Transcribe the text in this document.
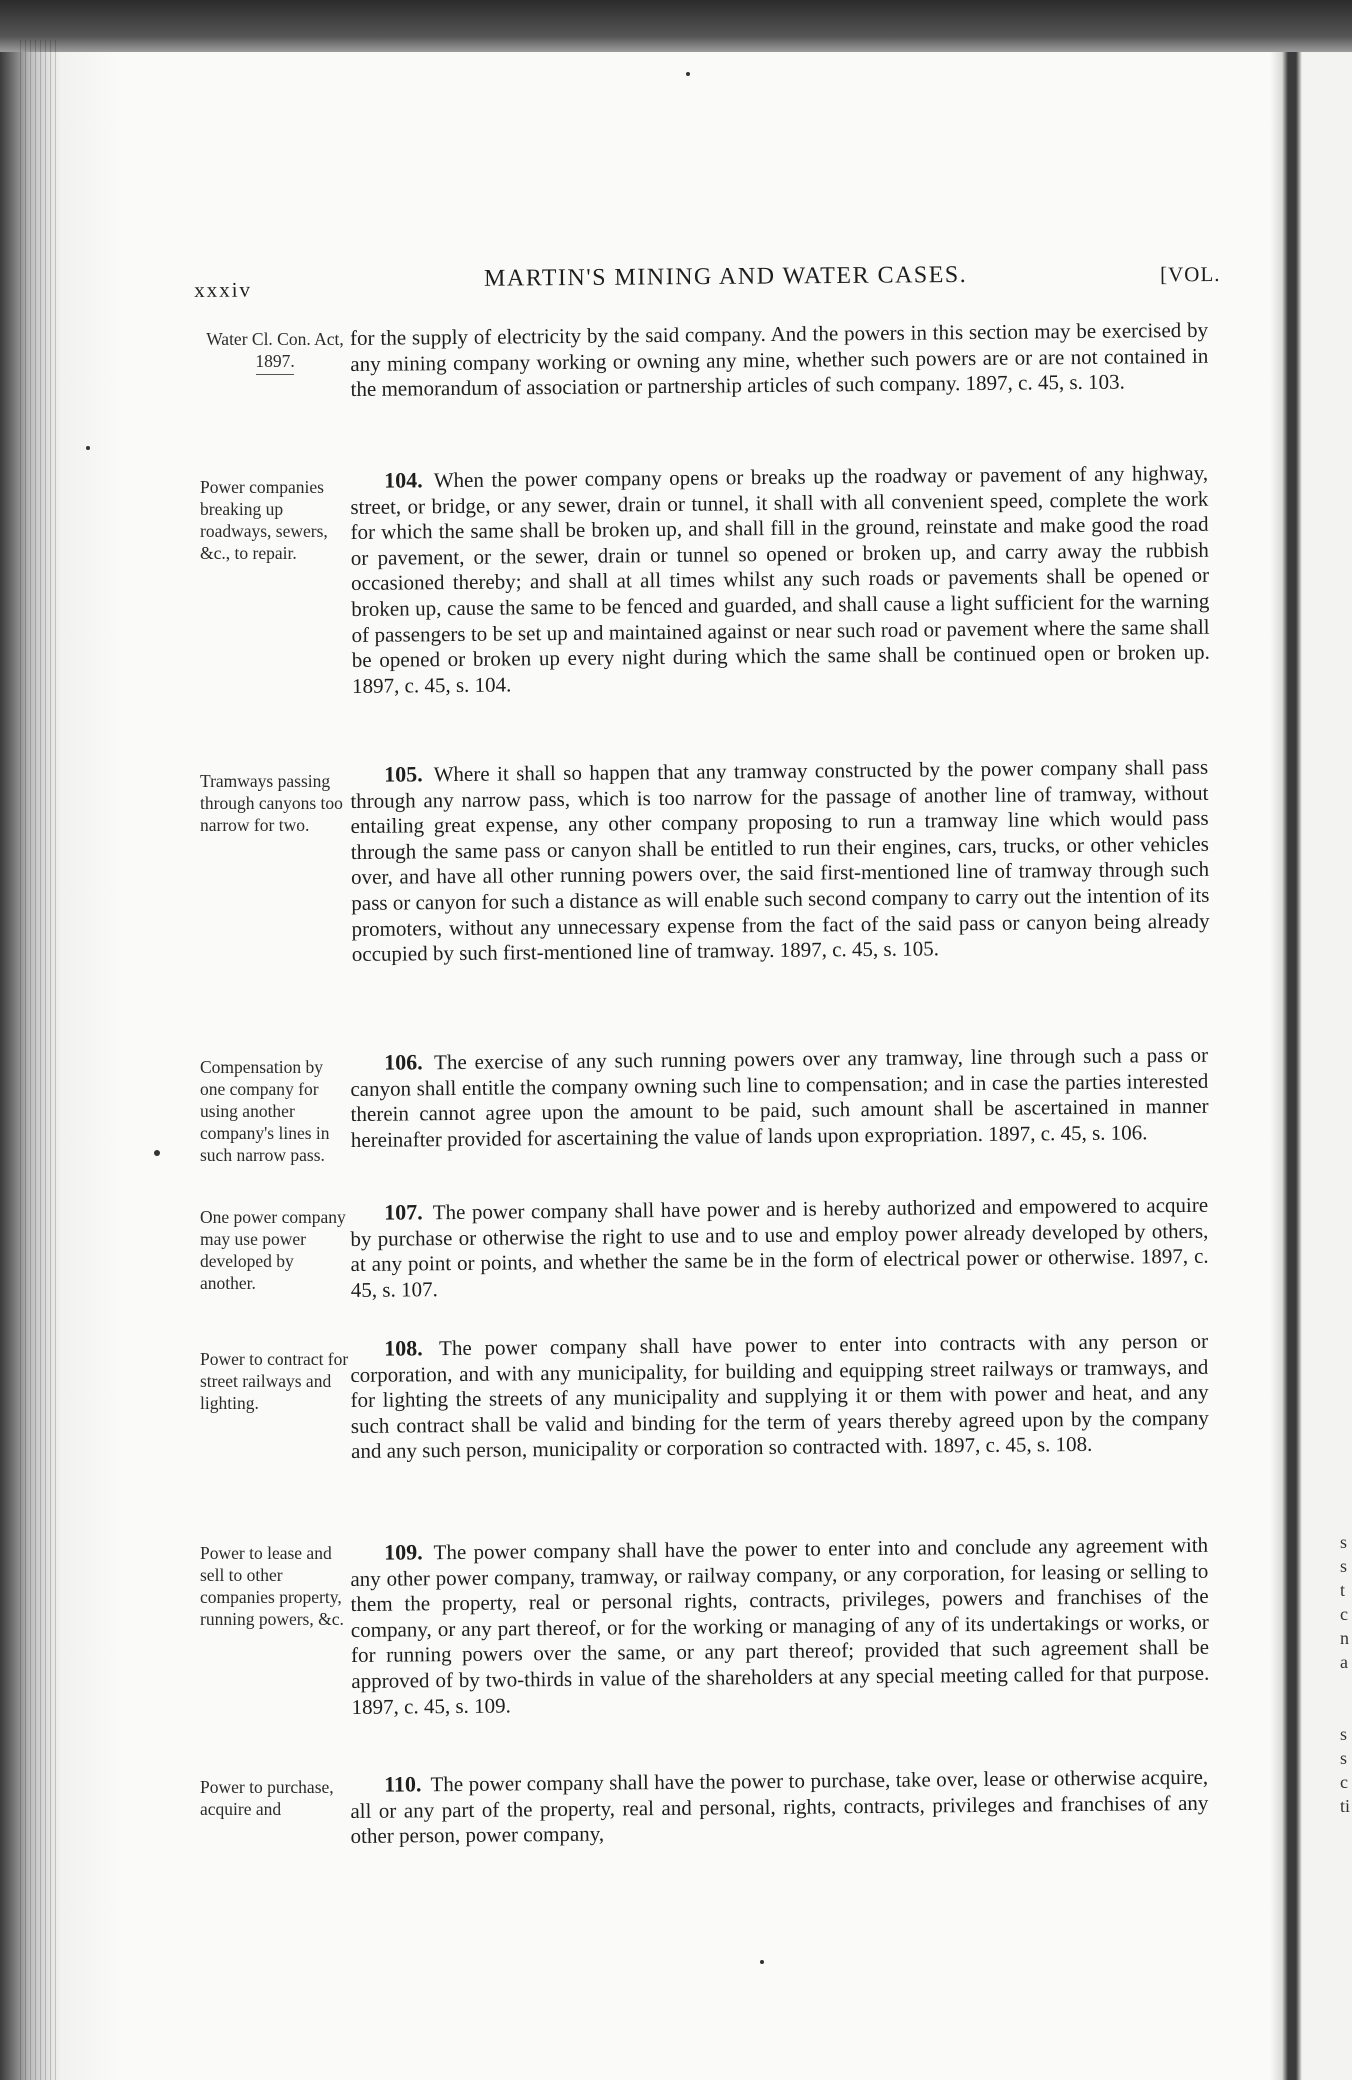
xxxiv	MARTIN'S MINING AND WATER CASES.	[VOL.
Water Cl. Con. Act, 1897.
for the supply of electricity by the said company. And the powers in this section may be exercised by any mining company working or owning any mine, whether such powers are or are not contained in the memorandum of association or partnership articles of such company. 1897, c. 45, s. 103.
Power companies breaking up roadways, sewers, &c., to repair.
104. When the power company opens or breaks up the roadway or pavement of any highway, street, or bridge, or any sewer, drain or tunnel, it shall with all convenient speed, complete the work for which the same shall be broken up, and shall fill in the ground, reinstate and make good the road or pavement, or the sewer, drain or tunnel so opened or broken up, and carry away the rubbish occasioned thereby; and shall at all times whilst any such roads or pavements shall be opened or broken up, cause the same to be fenced and guarded, and shall cause a light sufficient for the warning of passengers to be set up and maintained against or near such road or pavement where the same shall be opened or broken up every night during which the same shall be continued open or broken up. 1897, c. 45, s. 104.
Tramways passing through canyons too narrow for two.
105. Where it shall so happen that any tramway constructed by the power company shall pass through any narrow pass, which is too narrow for the passage of another line of tramway, without entailing great expense, any other company proposing to run a tramway line which would pass through the same pass or canyon shall be entitled to run their engines, cars, trucks, or other vehicles over, and have all other running powers over, the said first-mentioned line of tramway through such pass or canyon for such a distance as will enable such second company to carry out the intention of its promoters, without any unnecessary expense from the fact of the said pass or canyon being already occupied by such first-mentioned line of tramway. 1897, c. 45, s. 105.
Compensation by one company for using another company's lines in such narrow pass.
106. The exercise of any such running powers over any tramway, line through such a pass or canyon shall entitle the company owning such line to compensation; and in case the parties interested therein cannot agree upon the amount to be paid, such amount shall be ascertained in manner hereinafter provided for ascertaining the value of lands upon expropriation. 1897, c. 45, s. 106.
One power company may use power developed by another.
107. The power company shall have power and is hereby authorized and empowered to acquire by purchase or otherwise the right to use and to use and employ power already developed by others, at any point or points, and whether the same be in the form of electrical power or otherwise. 1897, c. 45, s. 107.
Power to contract for street railways and lighting.
108. The power company shall have power to enter into contracts with any person or corporation, and with any municipality, for building and equipping street railways or tramways, and for lighting the streets of any municipality and supplying it or them with power and heat, and any such contract shall be valid and binding for the term of years thereby agreed upon by the company and any such person, municipality or corporation so contracted with. 1897, c. 45, s. 108.
Power to lease and sell to other companies property, running powers, &c.
109. The power company shall have the power to enter into and conclude any agreement with any other power company, tramway, or railway company, or any corporation, for leasing or selling to them the property, real or personal rights, contracts, privileges, powers and franchises of the company, or any part thereof, or for the working or managing of any of its undertakings or works, or for running powers over the same, or any part thereof; provided that such agreement shall be approved of by two-thirds in value of the shareholders at any special meeting called for that purpose. 1897, c. 45, s. 109.
Power to purchase, acquire and
110. The power company shall have the power to purchase, take over, lease or otherwise acquire, all or any part of the property, real and personal, rights, contracts, privileges and franchises of any other person, power company,
s
s
t
c
n
a
s
s
c
ti
